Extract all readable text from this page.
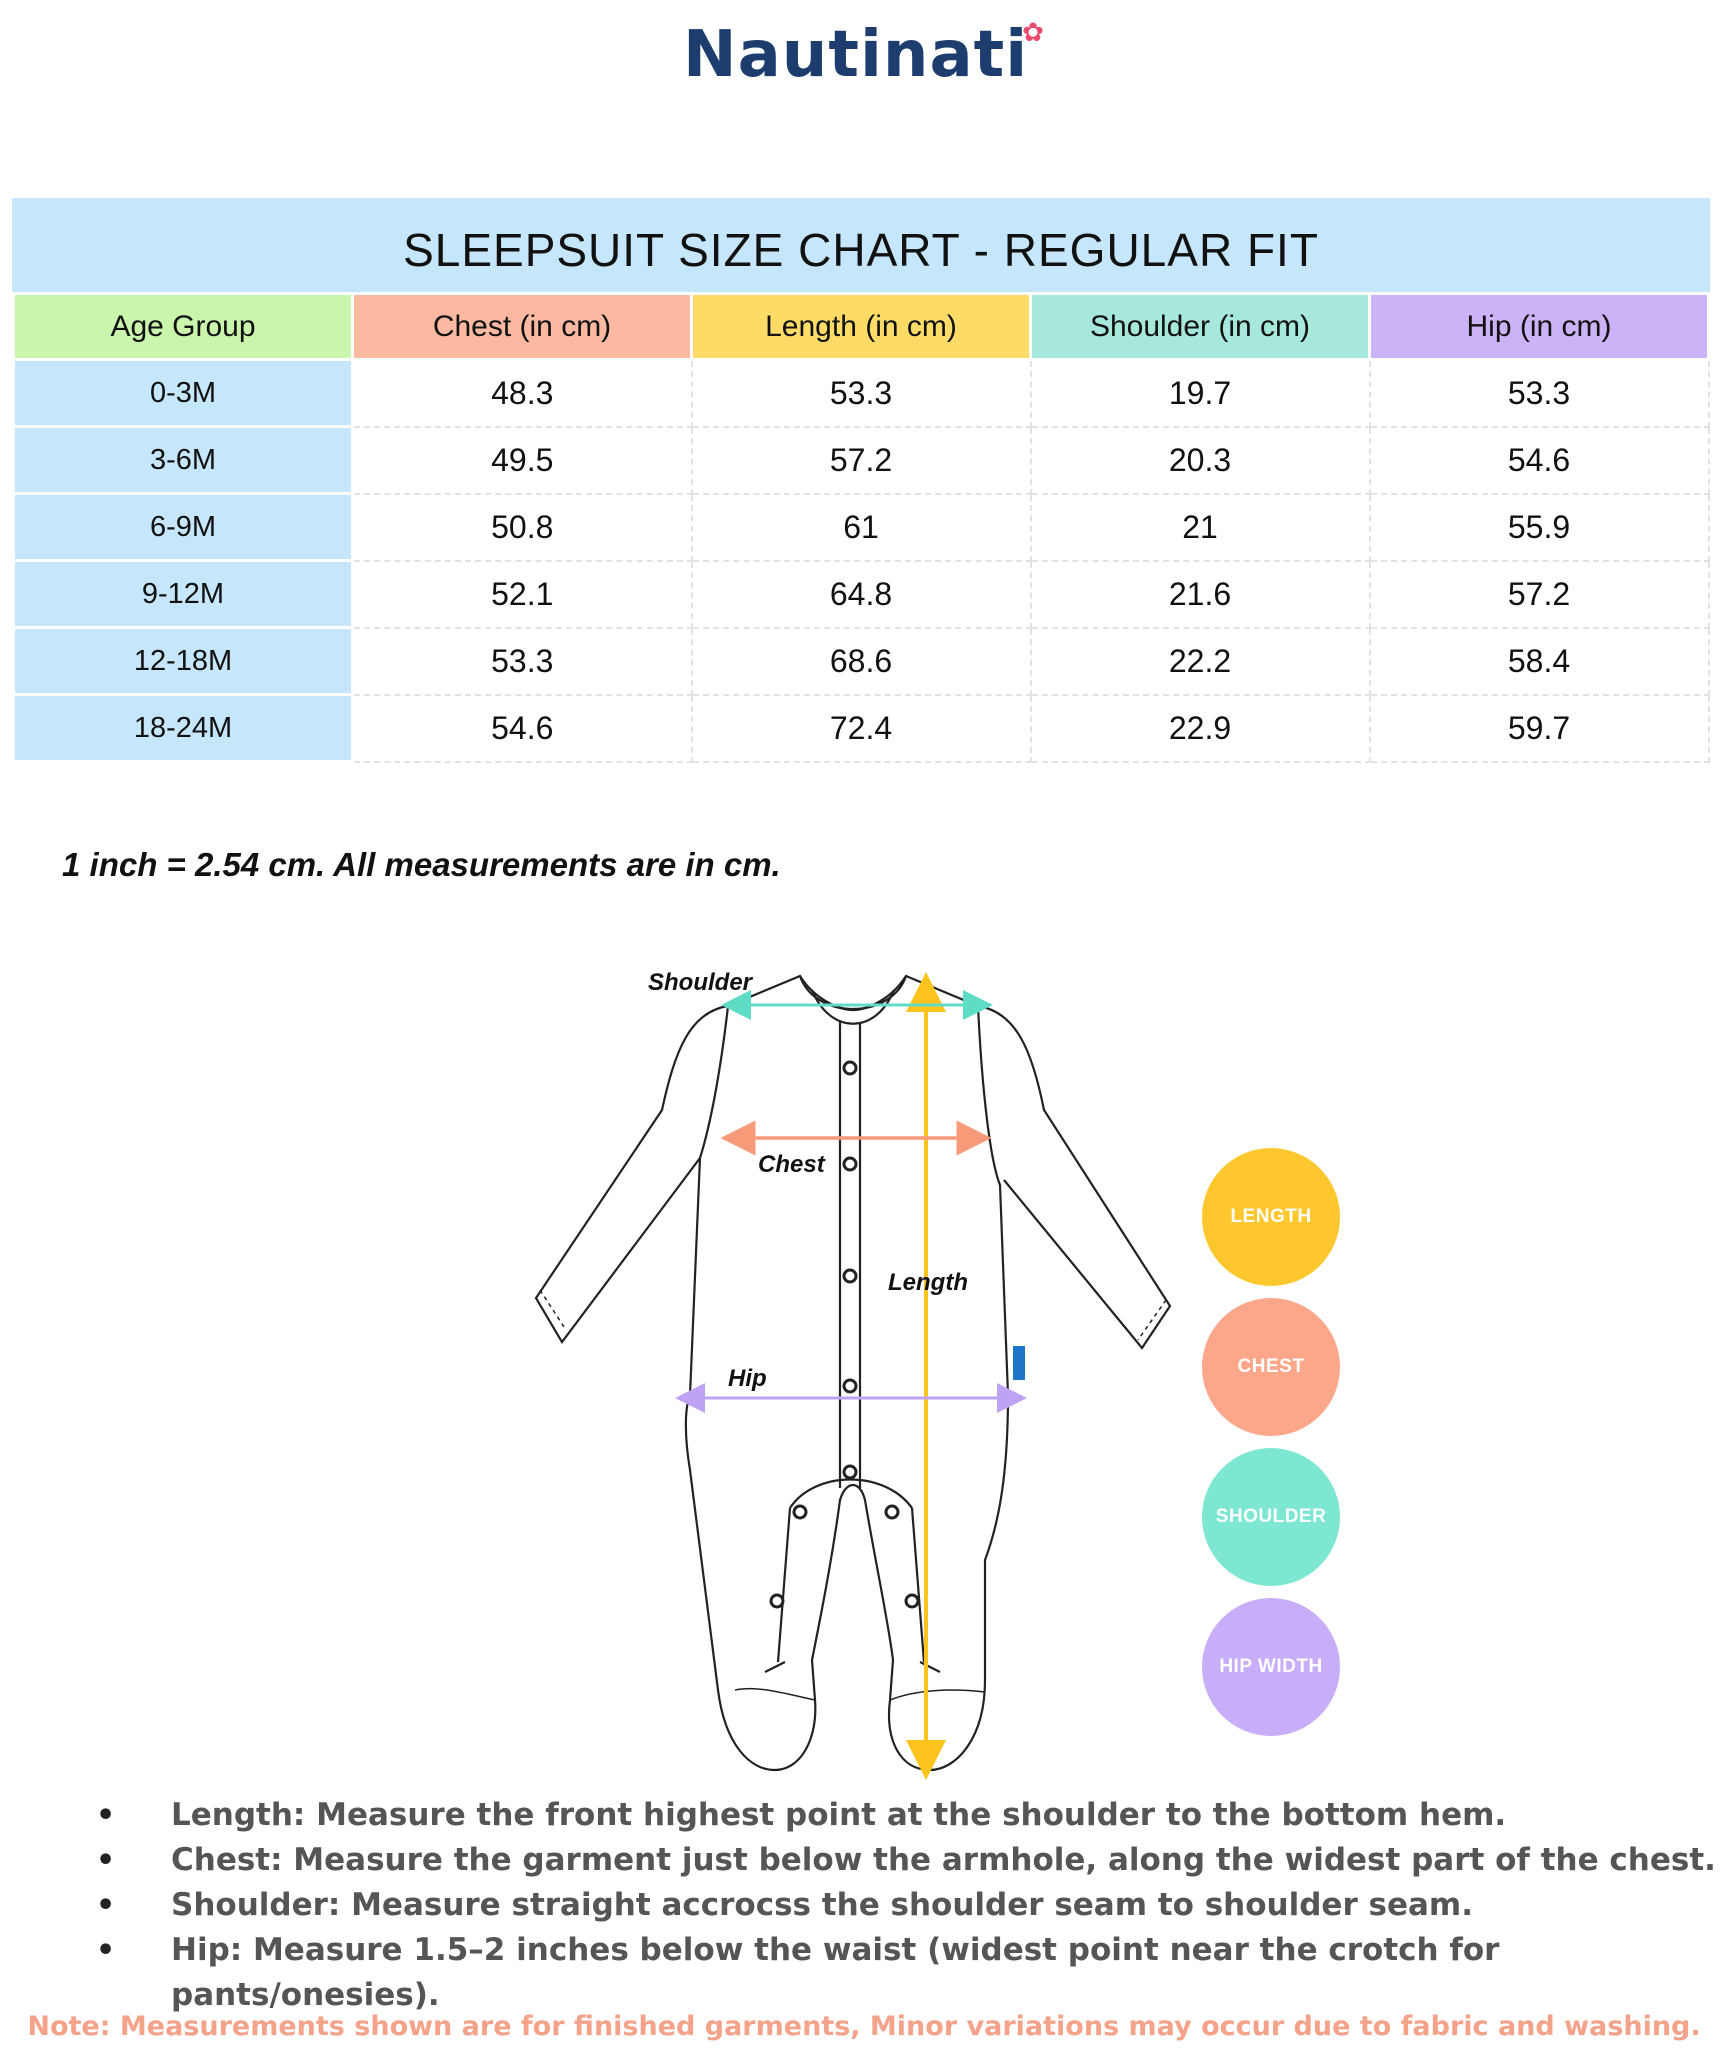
Nautinati✿
SLEEPSUIT SIZE CHART - REGULAR FIT
Age Group	Chest (in cm)	Length (in cm)	Shoulder (in cm)	Hip (in cm)
0-3M	48.3	53.3	19.7	53.3
3-6M	49.5	57.2	20.3	54.6
6-9M	50.8	61	21	55.9
9-12M	52.1	64.8	21.6	57.2
12-18M	53.3	68.6	22.2	58.4
18-24M	54.6	72.4	22.9	59.7
1 inch = 2.54 cm. All measurements are in cm.
Shoulder
Chest
Length
Hip
LENGTH
CHEST
SHOULDER
HIP WIDTH
• Length: Measure the front highest point at the shoulder to the bottom hem.
• Chest: Measure the garment just below the armhole, along the widest part of the chest.
• Shoulder: Measure straight accrocss the shoulder seam to shoulder seam.
• Hip: Measure 1.5–2 inches below the waist (widest point near the crotch for pants/onesies).
Note: Measurements shown are for finished garments, Minor variations may occur due to fabric and washing.
